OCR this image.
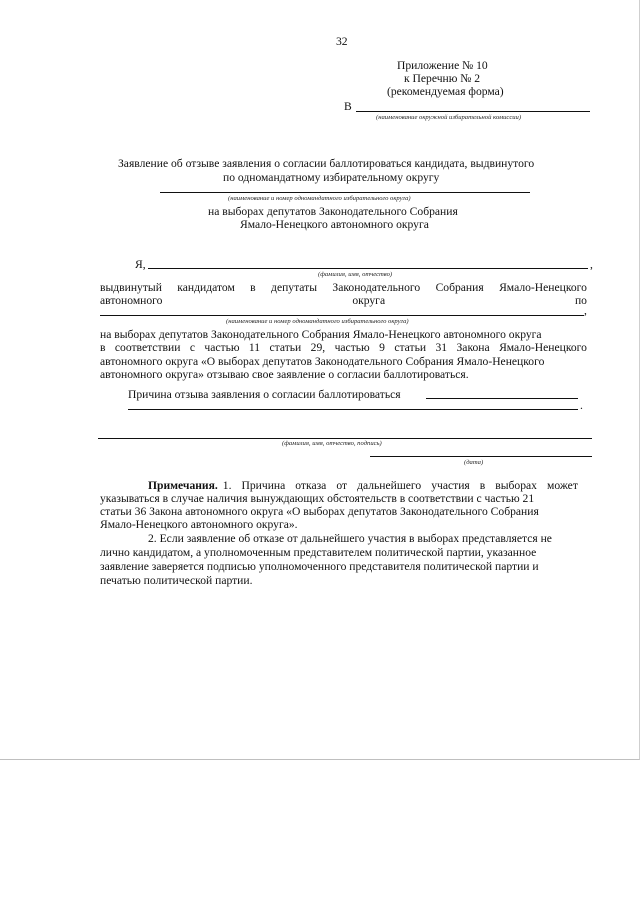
32
Приложение № 10
к Перечню № 2
(рекомендуемая форма)
В
(наименование окружной избирательной комиссии)
Заявление об отзыве заявления о согласии баллотироваться кандидата, выдвинутого
по одномандатному избирательному округу
(наименование и номер одномандатного избирательного округа)
на выборах депутатов Законодательного Собрания
Ямало-Ненецкого автономного округа
Я,	,
(фамилия, имя, отчество)
выдвинутый кандидатом в депутаты Законодательного Собрания Ямало-Ненецкого
автономного	округа	по
,
(наименование и номер одномандатного избирательного округа)
на выборах депутатов Законодательного Собрания Ямало-Ненецкого автономного округа
в соответствии с частью 11 статьи 29, частью 9 статьи 31 Закона Ямало-Ненецкого
автономного округа «О выборах депутатов Законодательного Собрания Ямало-Ненецкого
автономного округа» отзываю свое заявление о согласии баллотироваться.
Причина отзыва заявления о согласии баллотироваться
.
(фамилия, имя, отчество, подпись)
(дата)
Примечания. 1. Причина отказа от дальнейшего участия в выборах может
указываться в случае наличия вынуждающих обстоятельств в соответствии с частью 21
статьи 36 Закона автономного округа «О выборах депутатов Законодательного Собрания
Ямало-Ненецкого автономного округа».
2. Если заявление об отказе от дальнейшего участия в выборах представляется не
лично кандидатом, а уполномоченным представителем политической партии, указанное
заявление заверяется подписью уполномоченного представителя политической партии и
печатью политической партии.
